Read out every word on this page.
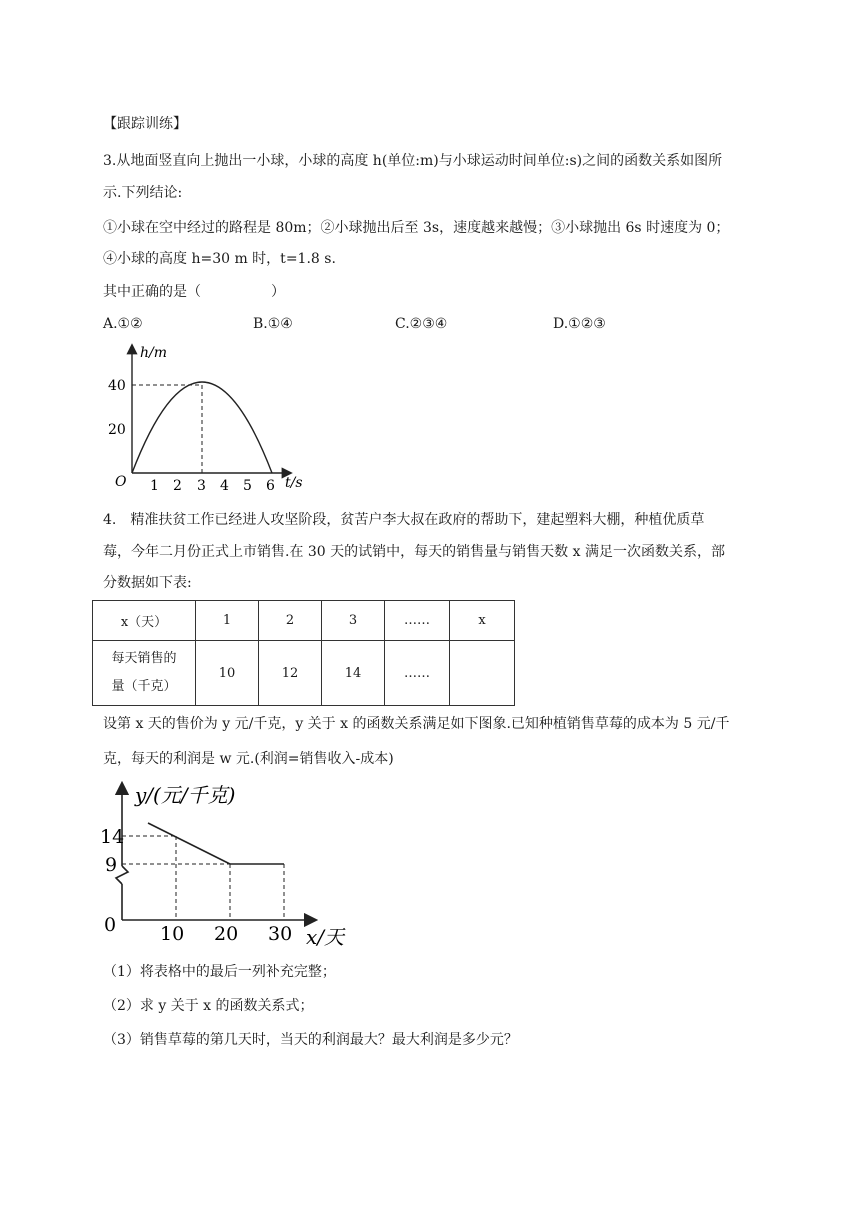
【跟踪训练】
3.从地面竖直向上抛出一小球，小球的高度 h(单位:m)与小球运动时间单位:s)之间的函数关系如图所
示.下列结论:
①小球在空中经过的路程是 80m；②小球抛出后至 3s，速度越来越慢；③小球抛出 6s 时速度为 0；
④小球的高度 h=30 m 时，t=1.8 s.
其中正确的是（　　　　　）
A.①②	B.①④	C.②③④	D.①②③
h/m
t/s
O
40
20
1 2 3 4 5 6
4.　精准扶贫工作已经进人攻坚阶段，贫苦户李大叔在政府的帮助下，建起塑料大棚，种植优质草
莓，今年二月份正式上市销售.在 30 天的试销中，每天的销售量与销售天数 x 满足一次函数关系，部
分数据如下表:
x（天）	1	2	3	……	x

每天销售的
量（千克）	10	12	14	……	
设第 x 天的售价为 y 元/千克，y 关于 x 的函数关系满足如下图象.已知种植销售草莓的成本为 5 元/千
克，每天的利润是 w 元.(利润=销售收入-成本)
y/(元/千克)
x/天
0
14
9
10 20 30
（1）将表格中的最后一列补充完整；
（2）求 y 关于 x 的函数关系式；
（3）销售草莓的第几天时，当天的利润最大？最大利润是多少元？
